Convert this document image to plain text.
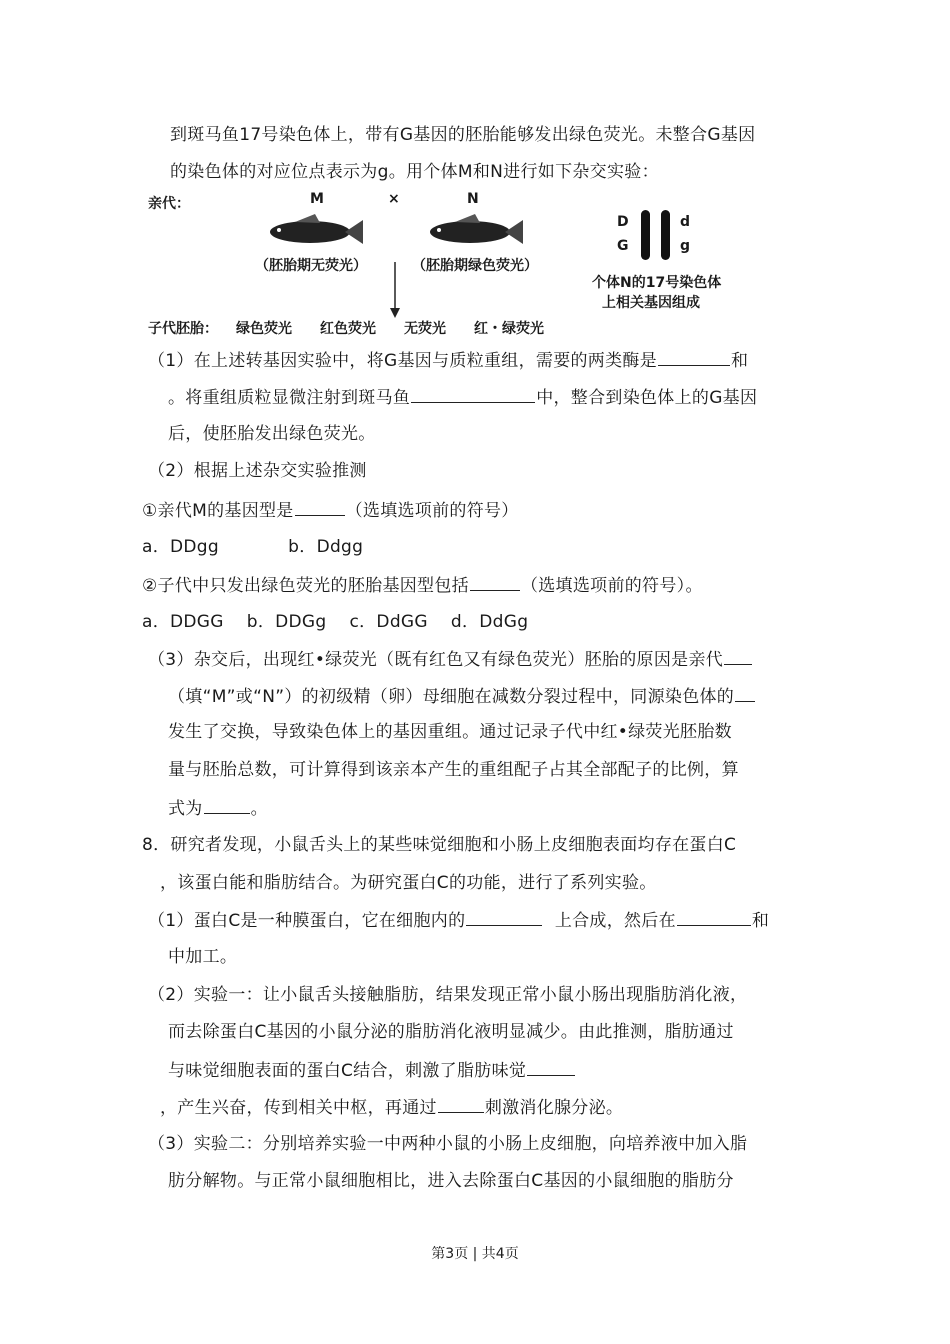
到斑马鱼17号染色体上，带有G基因的胚胎能够发出绿色荧光。未整合G基因
的染色体的对应位点表示为g。用个体M和N进行如下杂交实验：
亲代：	M	×	N
（胚胎期无荧光）	（胚胎期绿色荧光）
D
G
d
g
个体N的17号染色体
上相关基因组成
子代胚胎： 绿色荧光 红色荧光 无荧光 红・绿荧光
（1）在上述转基因实验中，将G基因与质粒重组，需要的两类酶是	和
。将重组质粒显微注射到斑马鱼	中，整合到染色体上的G基因
后，使胚胎发出绿色荧光。
（2）根据上述杂交实验推测
①亲代M的基因型是	（选填选项前的符号）
a．DDgg　　　　b．Ddgg
②子代中只发出绿色荧光的胚胎基因型包括	（选填选项前的符号）。
a．DDGG　 b．DDGg　 c．DdGG　 d．DdGg
（3）杂交后，出现红•绿荧光（既有红色又有绿色荧光）胚胎的原因是亲代
（填“M”或“N”）的初级精（卵）母细胞在减数分裂过程中，同源染色体的
发生了交换，导致染色体上的基因重组。通过记录子代中红•绿荧光胚胎数
量与胚胎总数，可计算得到该亲本产生的重组配子占其全部配子的比例，算
式为	。
8．研究者发现，小鼠舌头上的某些味觉细胞和小肠上皮细胞表面均存在蛋白C
，该蛋白能和脂肪结合。为研究蛋白C的功能，进行了系列实验。
（1）蛋白C是一种膜蛋白，它在细胞内的	上合成，然后在	和
中加工。
（2）实验一：让小鼠舌头接触脂肪，结果发现正常小鼠小肠出现脂肪消化液，
而去除蛋白C基因的小鼠分泌的脂肪消化液明显减少。由此推测，脂肪通过
与味觉细胞表面的蛋白C结合，刺激了脂肪味觉
，产生兴奋，传到相关中枢，再通过	刺激消化腺分泌。
（3）实验二：分别培养实验一中两种小鼠的小肠上皮细胞，向培养液中加入脂
肪分解物。与正常小鼠细胞相比，进入去除蛋白C基因的小鼠细胞的脂肪分
第3页 | 共4页
